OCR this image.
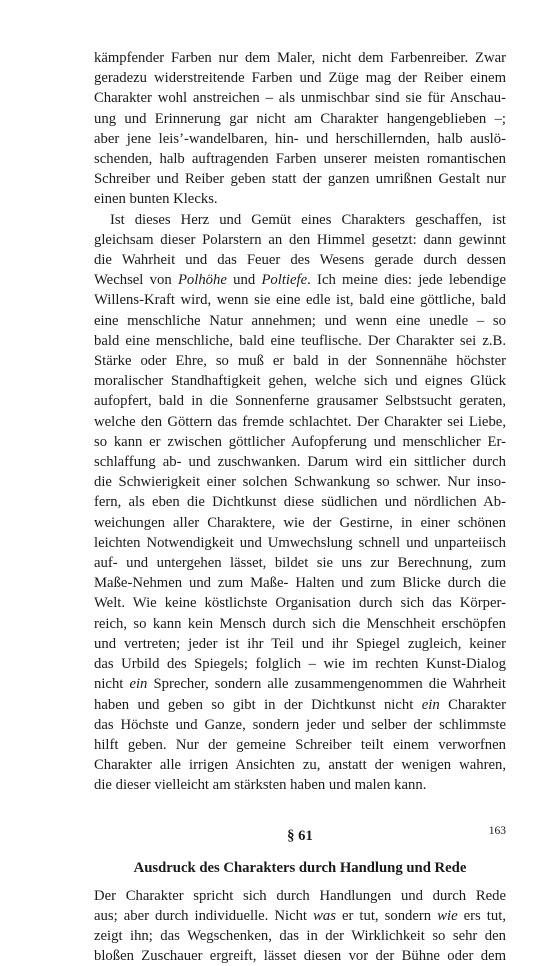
kämpfender Farben nur dem Maler, nicht dem Farbenreiber. Zwar
geradezu widerstreitende Farben und Züge mag der Reiber einem
Charakter wohl anstreichen – als unmischbar sind sie für Anschau-
ung und Erinnerung gar nicht am Charakter hangengeblieben –;
aber jene leis’-wandelbaren, hin- und herschillernden, halb auslö-
schenden, halb auftragenden Farben unserer meisten romantischen
Schreiber und Reiber geben statt der ganzen umrißnen Gestalt nur
einen bunten Klecks.

Ist dieses Herz und Gemüt eines Charakters geschaffen, ist
gleichsam dieser Polarstern an den Himmel gesetzt: dann gewinnt
die Wahrheit und das Feuer des Wesens gerade durch dessen
Wechsel von Polhöhe und Poltiefe. Ich meine dies: jede lebendige
Willens-Kraft wird, wenn sie eine edle ist, bald eine göttliche, bald
eine menschliche Natur annehmen; und wenn eine unedle – so
bald eine menschliche, bald eine teuflische. Der Charakter sei z.B.
Stärke oder Ehre, so muß er bald in der Sonnennähe höchster
moralischer Standhaftigkeit gehen, welche sich und eignes Glück
aufopfert, bald in die Sonnenferne grausamer Selbstsucht geraten,
welche den Göttern das fremde schlachtet. Der Charakter sei Liebe,
so kann er zwischen göttlicher Aufopferung und menschlicher Er-
schlaffung ab- und zuschwanken. Darum wird ein sittlicher durch
die Schwierigkeit einer solchen Schwankung so schwer. Nur inso-
fern, als eben die Dichtkunst diese südlichen und nördlichen Ab-
weichungen aller Charaktere, wie der Gestirne, in einer schönen
leichten Notwendigkeit und Umwechslung schnell und unparteiisch
auf- und untergehen lässet, bildet sie uns zur Berechnung, zum
Maße-Nehmen und zum Maße- Halten und zum Blicke durch die
Welt. Wie keine köstlichste Organisation durch sich das Körper-
reich, so kann kein Mensch durch sich die Menschheit erschöpfen
und vertreten; jeder ist ihr Teil und ihr Spiegel zugleich, keiner
das Urbild des Spiegels; folglich – wie im rechten Kunst-Dialog
nicht ein Sprecher, sondern alle zusammengenommen die Wahrheit
haben und geben so gibt in der Dichtkunst nicht ein Charakter
das Höchste und Ganze, sondern jeder und selber der schlimmste
hilft geben. Nur der gemeine Schreiber teilt einem verworfnen
Charakter alle irrigen Ansichten zu, anstatt der wenigen wahren,
die dieser vielleicht am stärksten haben und malen kann.

§ 61
Ausdruck des Charakters durch Handlung und Rede

Der Charakter spricht sich durch Handlungen und durch Rede
aus; aber durch individuelle. Nicht was er tut, sondern wie ers tut,
zeigt ihn; das Wegschenken, das in der Wirklichkeit so sehr den
bloßen Zuschauer ergreift, lässet diesen vor der Bühne oder dem

163
